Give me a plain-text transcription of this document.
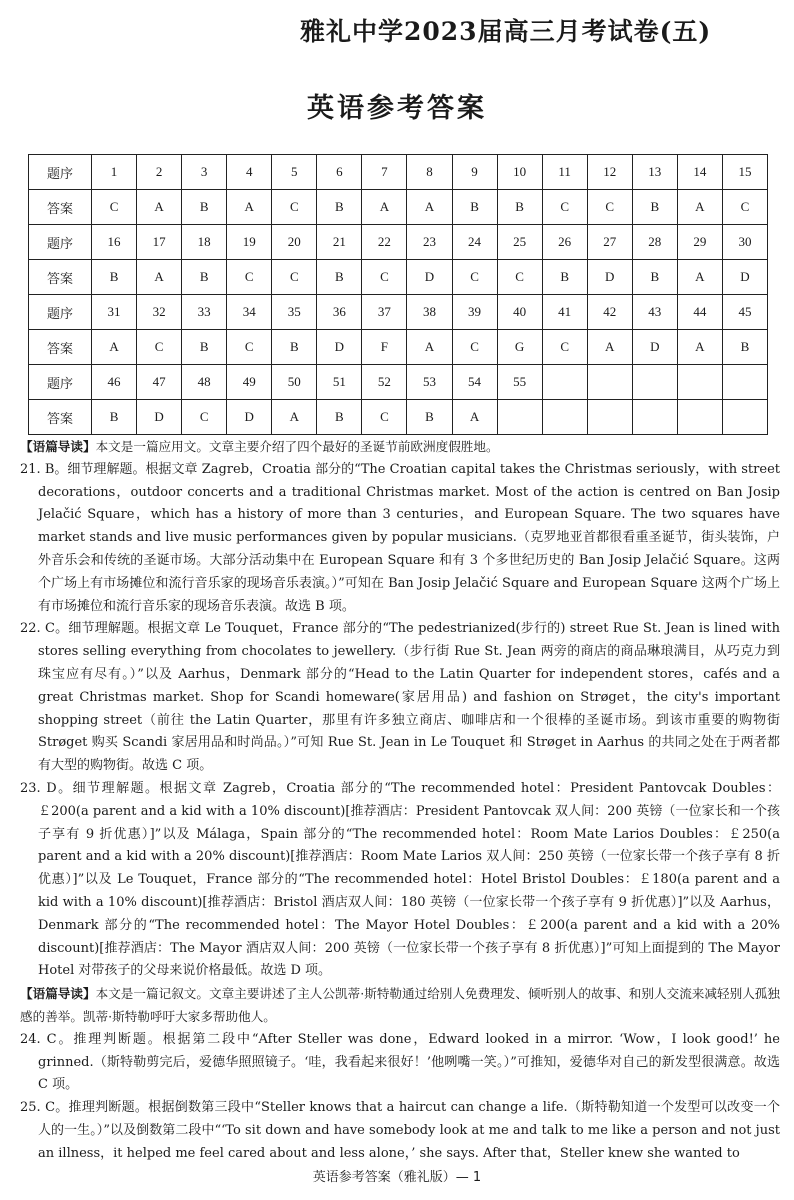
雅礼中学2023届高三月考试卷(五)
英语参考答案
题序	1	2	3	4	5	6	7	8	9	10	11	12	13	14	15
答案	C	A	B	A	C	B	A	A	B	B	C	C	B	A	C
题序	16	17	18	19	20	21	22	23	24	25	26	27	28	29	30
答案	B	A	B	C	C	B	C	D	C	C	B	D	B	A	D
题序	31	32	33	34	35	36	37	38	39	40	41	42	43	44	45
答案	A	C	B	C	B	D	F	A	C	G	C	A	D	A	B
题序	46	47	48	49	50	51	52	53	54	55					
答案	B	D	C	D	A	B	C	B	A						

【语篇导读】本文是一篇应用文。文章主要介绍了四个最好的圣诞节前欧洲度假胜地。

21. B。细节理解题。根据文章 Zagreb，Croatia 部分的“The Croatian capital takes the Christmas seriously，with street decorations，outdoor concerts and a traditional Christmas market. Most of the action is centred on Ban Josip Jelačić Square，which has a history of more than 3 centuries，and European Square. The two squares have market stands and live music performances given by popular musicians.（克罗地亚首都很看重圣诞节，街头装饰，户外音乐会和传统的圣诞市场。大部分活动集中在 European Square 和有 3 个多世纪历史的 Ban Josip Jelačić Square。这两个广场上有市场摊位和流行音乐家的现场音乐表演。）”可知在 Ban Josip Jelačić Square and European Square 这两个广场上有市场摊位和流行音乐家的现场音乐表演。故选 B 项。

22. C。细节理解题。根据文章 Le Touquet，France 部分的“The pedestrianized(步行的) street Rue St. Jean is lined with stores selling everything from chocolates to jewellery.（步行街 Rue St. Jean 两旁的商店的商品琳琅满目，从巧克力到珠宝应有尽有。）”以及 Aarhus，Denmark 部分的“Head to the Latin Quarter for independent stores，cafés and a great Christmas market. Shop for Scandi homeware(家居用品) and fashion on Strøget，the city's important shopping street（前往 the Latin Quarter，那里有许多独立商店、咖啡店和一个很棒的圣诞市场。到该市重要的购物街 Strøget 购买 Scandi 家居用品和时尚品。）”可知 Rue St. Jean in Le Touquet 和 Strøget in Aarhus 的共同之处在于两者都有大型的购物街。故选 C 项。

23. D。细节理解题。根据文章 Zagreb，Croatia 部分的“The recommended hotel：President Pantovcak Doubles：￡200(a parent and a kid with a 10% discount)[推荐酒店：President Pantovcak 双人间：200 英镑（一位家长和一个孩子享有 9 折优惠）]”以及 Málaga，Spain 部分的“The recommended hotel：Room Mate Larios Doubles：￡250(a parent and a kid with a 20% discount)[推荐酒店：Room Mate Larios 双人间：250 英镑（一位家长带一个孩子享有 8 折优惠）]”以及 Le Touquet，France 部分的“The recommended hotel：Hotel Bristol Doubles：￡180(a parent and a kid with a 10% discount)[推荐酒店：Bristol 酒店双人间：180 英镑（一位家长带一个孩子享有 9 折优惠）]”以及 Aarhus，Denmark 部分的“The recommended hotel：The Mayor Hotel Doubles：￡200(a parent and a kid with a 20% discount)[推荐酒店：The Mayor 酒店双人间：200 英镑（一位家长带一个孩子享有 8 折优惠）]”可知上面提到的 The Mayor Hotel 对带孩子的父母来说价格最低。故选 D 项。

【语篇导读】本文是一篇记叙文。文章主要讲述了主人公凯蒂·斯特勒通过给别人免费理发、倾听别人的故事、和别人交流来减轻别人孤独感的善举。凯蒂·斯特勒呼吁大家多帮助他人。

24. C。推理判断题。根据第二段中“After Steller was done，Edward looked in a mirror. ‘Wow，I look good!’ he grinned.（斯特勒剪完后，爱德华照照镜子。‘哇，我看起来很好！’他咧嘴一笑。）”可推知，爱德华对自己的新发型很满意。故选 C 项。

25. C。推理判断题。根据倒数第三段中“Steller knows that a haircut can change a life.（斯特勒知道一个发型可以改变一个人的一生。）”以及倒数第二段中“‘To sit down and have somebody look at me and talk to me like a person and not just an illness，it helped me feel cared about and less alone，’ she says. After that，Steller knew she wanted to

英语参考答案（雅礼版）— 1
